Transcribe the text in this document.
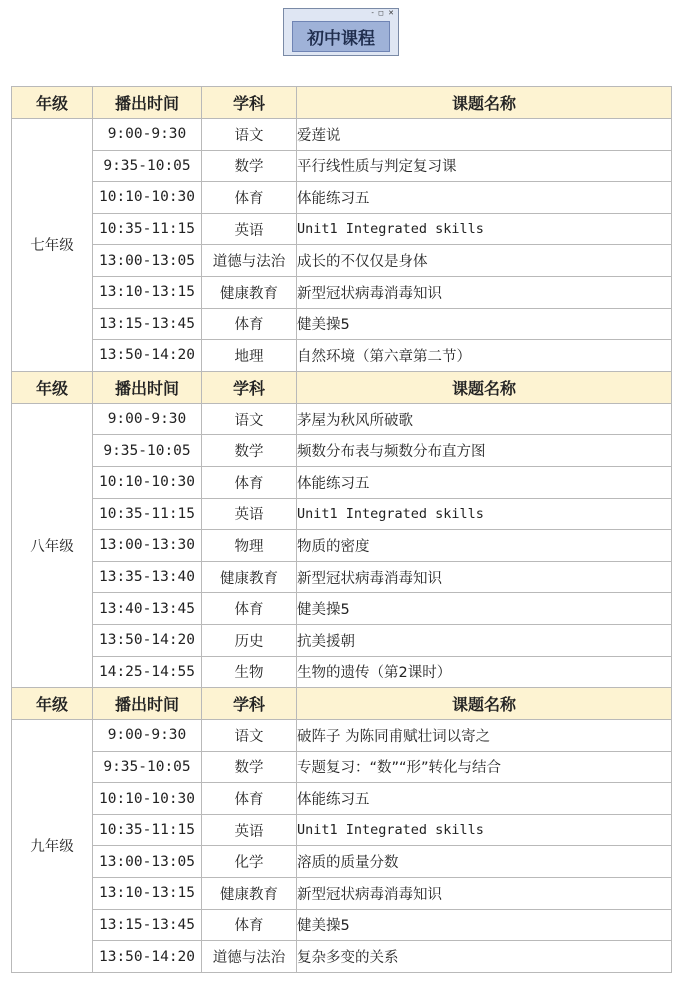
- ◻ ✕
初中课程
年级	播出时间	学科	课题名称
七年级	9:00-9:30	语文	爱莲说
	9:35-10:05	数学	平行线性质与判定复习课
	10:10-10:30	体育	体能练习五
	10:35-11:15	英语	Unit1 Integrated skills
	13:00-13:05	道德与法治	成长的不仅仅是身体
	13:10-13:15	健康教育	新型冠状病毒消毒知识
	13:15-13:45	体育	健美操5
	13:50-14:20	地理	自然环境（第六章第二节）
年级	播出时间	学科	课题名称
八年级	9:00-9:30	语文	茅屋为秋风所破歌
	9:35-10:05	数学	频数分布表与频数分布直方图
	10:10-10:30	体育	体能练习五
	10:35-11:15	英语	Unit1 Integrated skills
	13:00-13:30	物理	物质的密度
	13:35-13:40	健康教育	新型冠状病毒消毒知识
	13:40-13:45	体育	健美操5
	13:50-14:20	历史	抗美援朝
	14:25-14:55	生物	生物的遗传（第2课时）
年级	播出时间	学科	课题名称
九年级	9:00-9:30	语文	破阵子 为陈同甫赋壮词以寄之
	9:35-10:05	数学	专题复习：“数”“形”转化与结合
	10:10-10:30	体育	体能练习五
	10:35-11:15	英语	Unit1 Integrated skills
	13:00-13:05	化学	溶质的质量分数
	13:10-13:15	健康教育	新型冠状病毒消毒知识
	13:15-13:45	体育	健美操5
	13:50-14:20	道德与法治	复杂多变的关系
